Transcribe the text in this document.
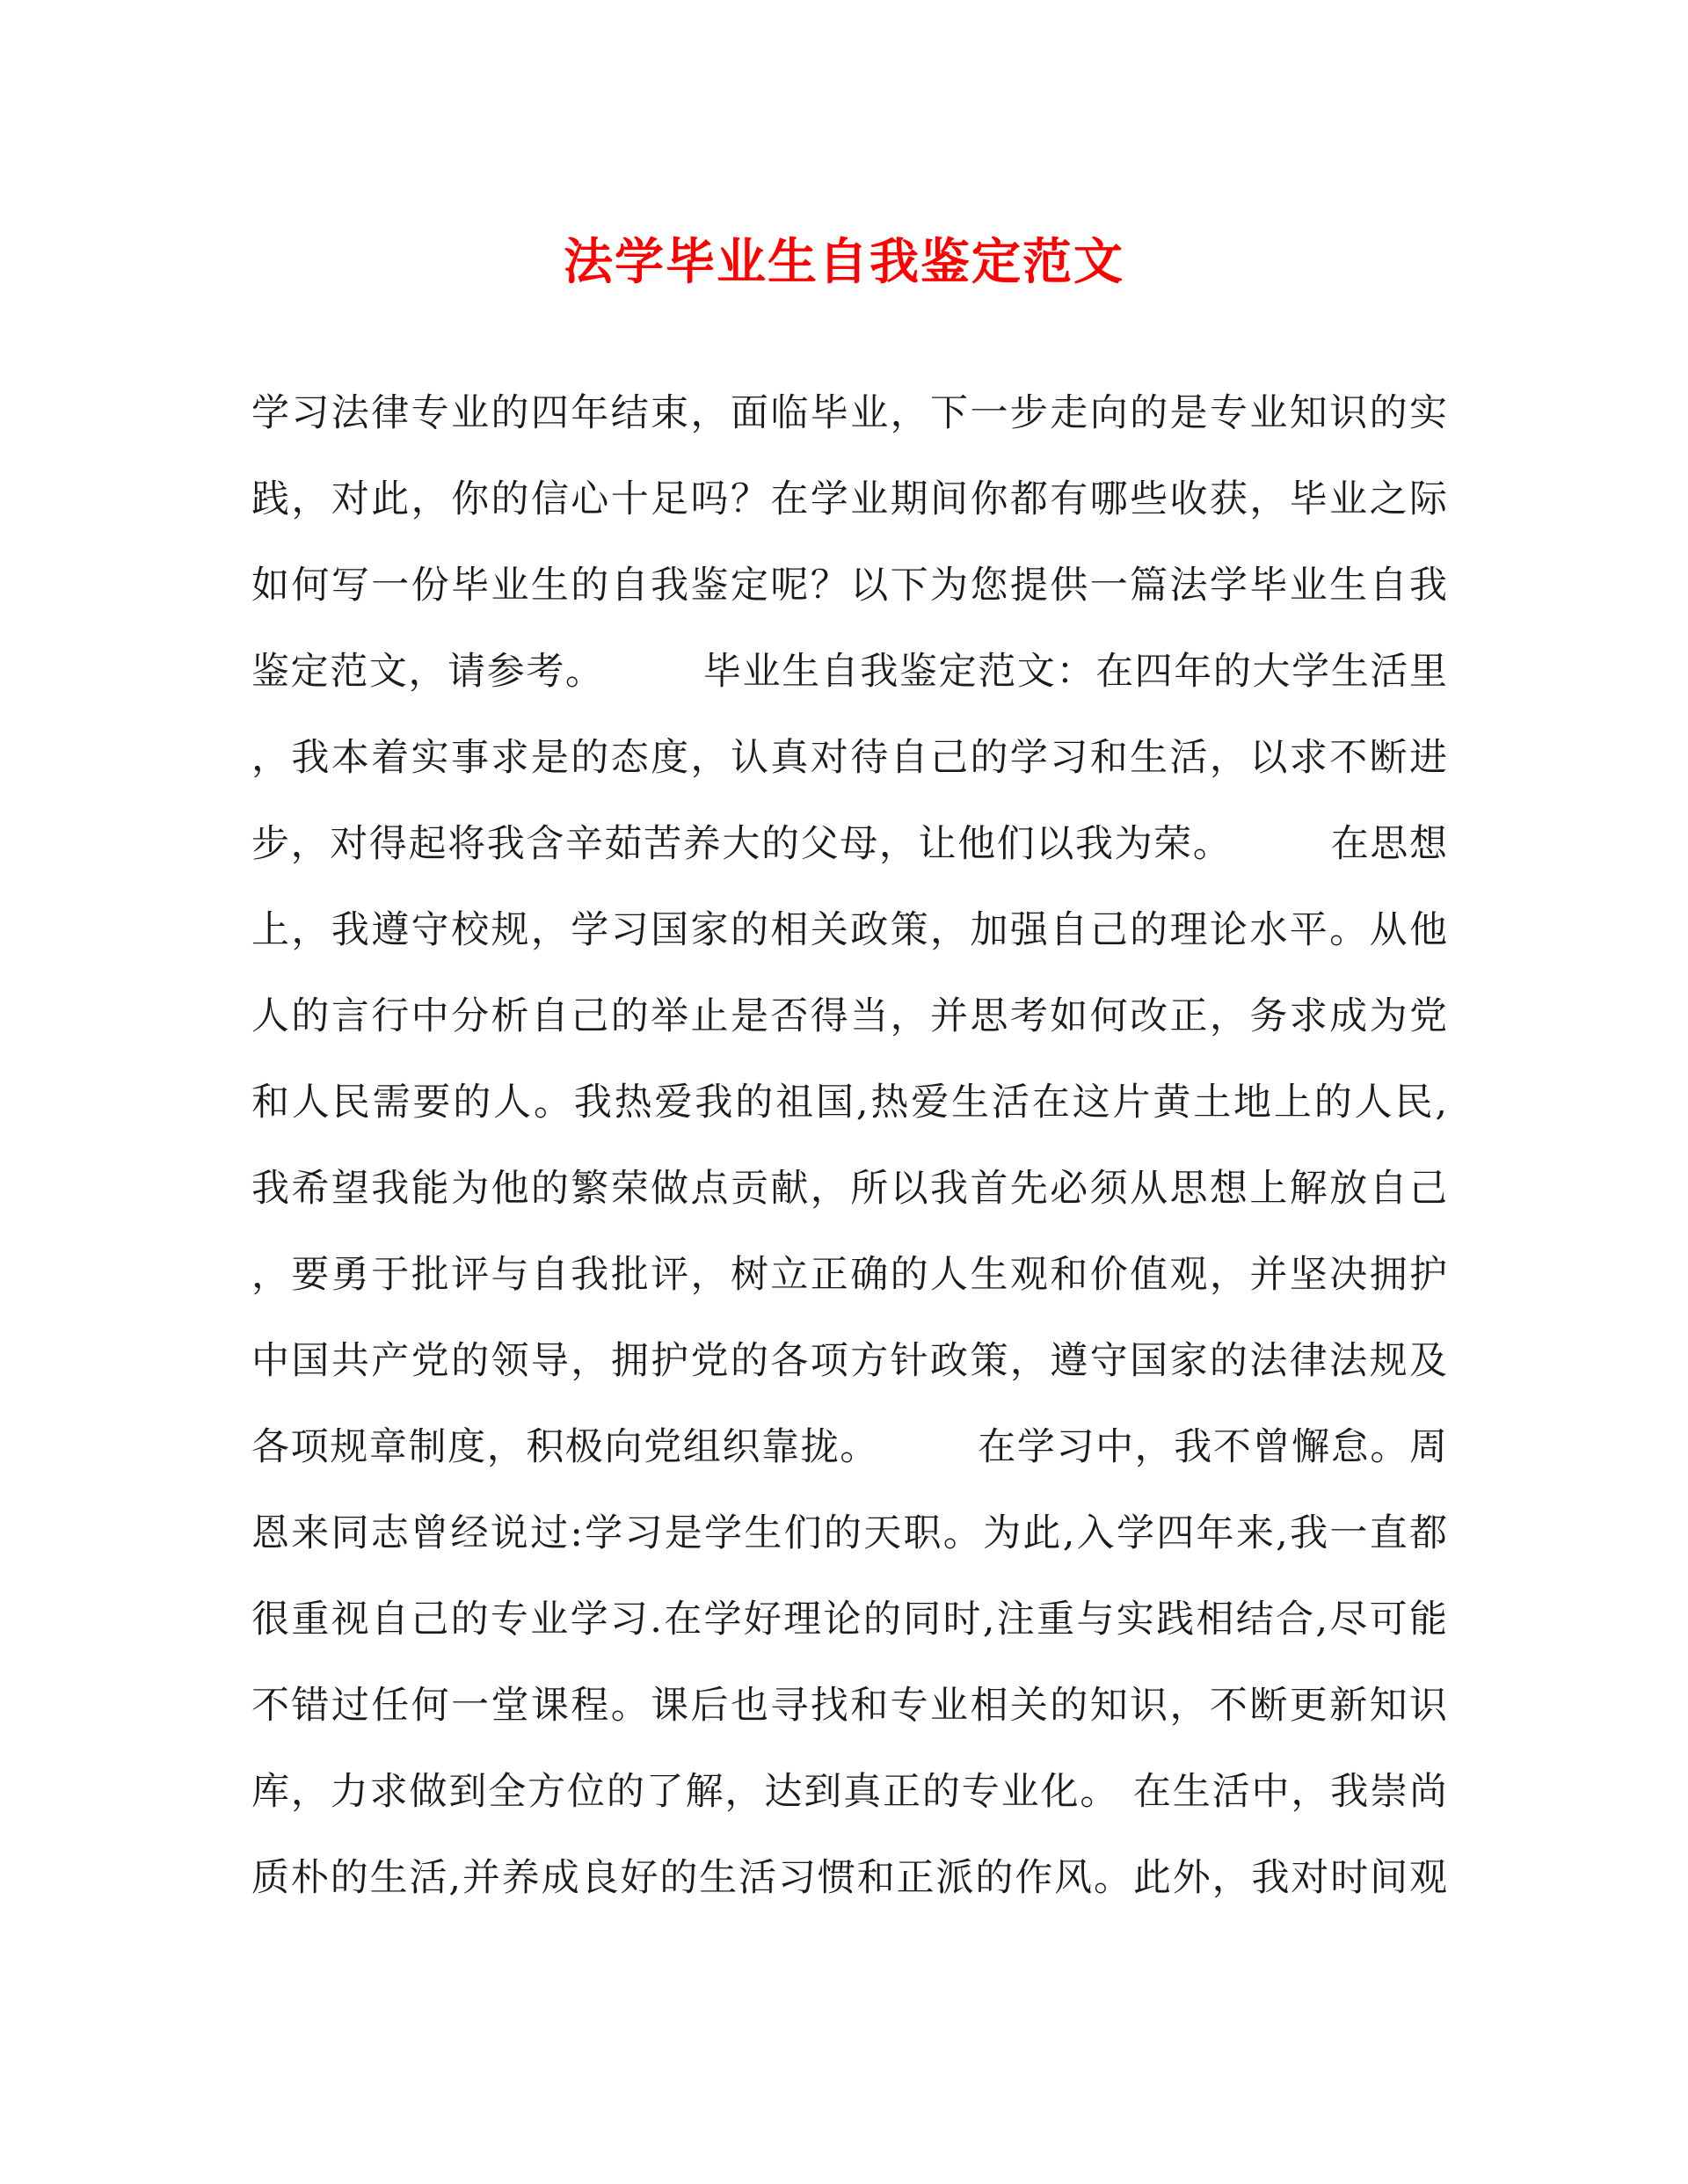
法学毕业生自我鉴定范文
学习法律专业的四年结束，面临毕业，下一步走向的是专业知识的实
践，对此，你的信心十足吗？在学业期间你都有哪些收获，毕业之际
如何写一份毕业生的自我鉴定呢？以下为您提供一篇法学毕业生自我
鉴定范文，请参考。　　　毕业生自我鉴定范文：在四年的大学生活里
，我本着实事求是的态度，认真对待自己的学习和生活，以求不断进
步，对得起将我含辛茹苦养大的父母，让他们以我为荣。　　　在思想
上，我遵守校规，学习国家的相关政策，加强自己的理论水平。从他
人的言行中分析自己的举止是否得当，并思考如何改正，务求成为党
和人民需要的人。我热爱我的祖国,热爱生活在这片黄土地上的人民,
我希望我能为他的繁荣做点贡献，所以我首先必须从思想上解放自己
，要勇于批评与自我批评，树立正确的人生观和价值观，并坚决拥护
中国共产党的领导，拥护党的各项方针政策，遵守国家的法律法规及
各项规章制度，积极向党组织靠拢。　　　在学习中，我不曾懈怠。周
恩来同志曾经说过:学习是学生们的天职。为此,入学四年来,我一直都
很重视自己的专业学习.在学好理论的同时,注重与实践相结合,尽可能
不错过任何一堂课程。课后也寻找和专业相关的知识，不断更新知识
库，力求做到全方位的了解，达到真正的专业化。 在生活中，我崇尚
质朴的生活,并养成良好的生活习惯和正派的作风。此外，我对时间观
